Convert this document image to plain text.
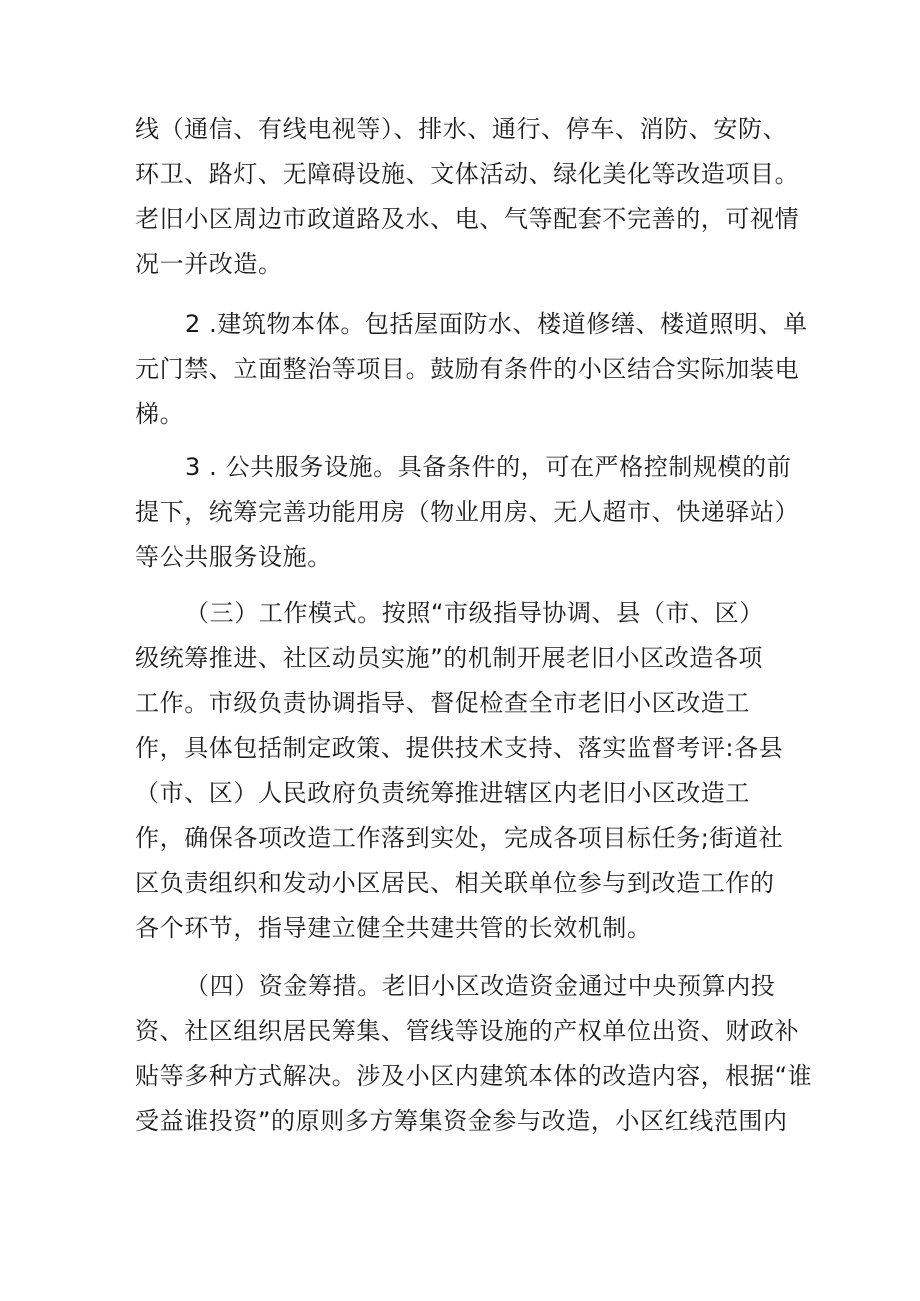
线（通信、有线电视等）、排水、通行、停车、消防、安防、
环卫、路灯、无障碍设施、文体活动、绿化美化等改造项目。
老旧小区周边市政道路及水、电、气等配套不完善的，可视情
况一并改造。
2 .建筑物本体。包括屋面防水、楼道修缮、楼道照明、单
元门禁、立面整治等项目。鼓励有条件的小区结合实际加装电
梯。
3 . 公共服务设施。具备条件的，可在严格控制规模的前
提下，统筹完善功能用房（物业用房、无人超市、快递驿站）
等公共服务设施。
（三）工作模式。按照“市级指导协调、县（市、区）
级统筹推进、社区动员实施”的机制开展老旧小区改造各项
工作。市级负责协调指导、督促检查全市老旧小区改造工
作，具体包括制定政策、提供技术支持、落实监督考评:各县
（市、区）人民政府负责统筹推进辖区内老旧小区改造工
作，确保各项改造工作落到实处，完成各项目标任务;街道社
区负责组织和发动小区居民、相关联单位参与到改造工作的
各个环节，指导建立健全共建共管的长效机制。
（四）资金筹措。老旧小区改造资金通过中央预算内投
资、社区组织居民筹集、管线等设施的产权单位出资、财政补
贴等多种方式解决。涉及小区内建筑本体的改造内容，根据“谁
受益谁投资”的原则多方筹集资金参与改造，小区红线范围内
